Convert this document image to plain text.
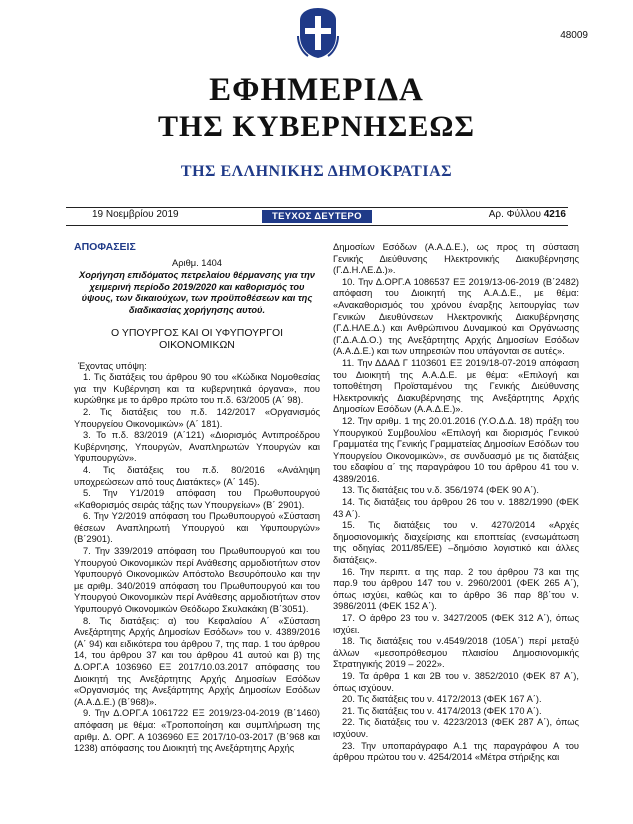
48009
ΕΦΗΜΕΡΙΔΑ
ΤΗΣ ΚΥΒΕΡΝΗΣΕΩΣ
ΤΗΣ ΕΛΛΗΝΙΚΗΣ ΔΗΜΟΚΡΑΤΙΑΣ
19 Νοεμβρίου 2019	ΤΕΥΧΟΣ ΔΕΥΤΕΡΟ	Αρ. Φύλλου 4216

ΑΠΟΦΑΣΕΙΣ

Αριθμ. 1404

Χορήγηση επιδόματος πετρελαίου θέρμανσης για την χειμερινή περίοδο 2019/2020 και καθορισμός του ύψους, των δικαιούχων, των προϋποθέσεων και της διαδικασίας χορήγησης αυτού.

Ο ΥΠΟΥΡΓΟΣ ΚΑΙ ΟΙ ΥΦΥΠΟΥΡΓΟΙ ΟΙΚΟΝΟΜΙΚΩΝ

Έχοντας υπόψη:

1. Τις διατάξεις του άρθρου 90 του «Κώδικα Νομοθεσίας για την Κυβέρνηση και τα κυβερνητικά όργανα», που κυρώθηκε με το άρθρο πρώτο του π.δ. 63/2005 (Α΄ 98).

2. Τις διατάξεις του π.δ. 142/2017 «Οργανισμός Υπουργείου Οικονομικών» (Α΄ 181).

3. Το π.δ. 83/2019 (Α΄121) «Διορισμός Αντιπροέδρου Κυβέρνησης, Υπουργών, Αναπληρωτών Υπουργών και Υφυπουργών».

4. Τις διατάξεις του π.δ. 80/2016 «Ανάληψη υποχρεώσεων από τους Διατάκτες» (Α΄ 145).

5. Την Υ1/2019 απόφαση του Πρωθυπουργού «Καθορισμός σειράς τάξης των Υπουργείων» (Β΄ 2901).

6. Την Υ2/2019 απόφαση του Πρωθυπουργού «Σύσταση θέσεων Αναπληρωτή Υπουργού και Υφυπουργών» (Β΄2901).

7. Την 339/2019 απόφαση του Πρωθυπουργού και του Υπουργού Οικονομικών περί Ανάθεσης αρμοδιοτήτων στον Υφυπουργό Οικονομικών Απόστολο Βεσυρόπουλο και την με αριθμ. 340/2019 απόφαση του Πρωθυπουργού και του Υπουργού Οικονομικών περί Ανάθεσης αρμοδιοτήτων στον Υφυπουργό Οικονομικών Θεόδωρο Σκυλακάκη (Β΄3051).

8. Τις διατάξεις: α) του Κεφαλαίου Α΄ «Σύσταση Ανεξάρτητης Αρχής Δημοσίων Εσόδων» του ν. 4389/2016 (Α΄ 94) και ειδικότερα του άρθρου 7, της παρ. 1 του άρθρου 14, του άρθρου 37 και του άρθρου 41 αυτού και β) της Δ.ΟΡΓ.Α 1036960 ΕΞ 2017/10.03.2017 απόφασης του Διοικητή της Ανεξάρτητης Αρχής Δημοσίων Εσόδων «Οργανισμός της Ανεξάρτητης Αρχής Δημοσίων Εσόδων (Α.Α.Δ.Ε.) (Β΄968)».

9. Την Δ.ΟΡΓ.Α 1061722 ΕΞ 2019/23-04-2019 (Β΄1460) απόφαση με θέμα: «Τροποποίηση και συμπλήρωση της αριθμ. Δ. ΟΡΓ. Α 1036960 ΕΞ 2017/10-03-2017 (Β΄968 και 1238) απόφασης του Διοικητή της Ανεξάρτητης Αρχής

Δημοσίων Εσόδων (Α.Α.Δ.Ε.), ως προς τη σύσταση Γενικής Διεύθυνσης Ηλεκτρονικής Διακυβέρνησης (Γ.Δ.Η.ΛΕ.Δ.)».

10. Την Δ.ΟΡΓ.Α 1086537 ΕΞ 2019/13-06-2019 (Β΄2482) απόφαση του Διοικητή της Α.Α.Δ.Ε., με θέμα: «Ανακαθορισμός του χρόνου έναρξης λειτουργίας των Γενικών Διευθύνσεων Ηλεκτρονικής Διακυβέρνησης (Γ.Δ.ΗΛΕ.Δ.) και Ανθρώπινου Δυναμικού και Οργάνωσης (Γ.Δ.Α.Δ.Ο.) της Ανεξάρτητης Αρχής Δημοσίων Εσόδων (Α.Α.Δ.Ε.) και των υπηρεσιών που υπάγονται σε αυτές».

11. Την ΔΔΑΔ Γ 1103601 ΕΞ 2019/18-07-2019 απόφαση του Διοικητή της Α.Α.Δ.Ε. με θέμα: «Επιλογή και τοποθέτηση Προϊσταμένου της Γενικής Διεύθυνσης Ηλεκτρονικής Διακυβέρνησης της Ανεξάρτητης Αρχής Δημοσίων Εσόδων (Α.Α.Δ.Ε.)».

12. Την αριθμ. 1 της 20.01.2016 (Υ.Ο.Δ.Δ. 18) πράξη του Υπουργικού Συμβουλίου «Επιλογή και διορισμός Γενικού Γραμματέα της Γενικής Γραμματείας Δημοσίων Εσόδων του Υπουργείου Οικονομικών», σε συνδυασμό με τις διατάξεις του εδαφίου α΄ της παραγράφου 10 του άρθρου 41 του ν. 4389/2016.

13. Τις διατάξεις του ν.δ. 356/1974 (ΦΕΚ 90 Α΄).

14. Τις διατάξεις του άρθρου 26 του ν. 1882/1990 (ΦΕΚ 43 Α΄).

15. Τις διατάξεις του ν. 4270/2014 «Αρχές δημοσιονομικής διαχείρισης και εποπτείας (ενσωμάτωση της οδηγίας 2011/85/ΕΕ) –δημόσιο λογιστικό και άλλες διατάξεις».

16. Την περιπτ. α της παρ. 2 του άρθρου 73 και της παρ.9 του άρθρου 147 του ν. 2960/2001 (ΦΕΚ 265 Α΄), όπως ισχύει, καθώς και το άρθρο 36 παρ 8β΄του ν. 3986/2011 (ΦΕΚ 152 Α΄).

17. Ο άρθρο 23 του ν. 3427/2005 (ΦΕΚ 312 Α΄), όπως ισχύει.

18. Τις διατάξεις του ν.4549/2018 (105Α΄) περί μεταξύ άλλων «μεσοπρόθεσμου πλαισίου Δημοσιονομικής Στρατηγικής 2019 – 2022».

19. Τα άρθρα 1 και 2Β του ν. 3852/2010 (ΦΕΚ 87 Α΄), όπως ισχύουν.

20. Τις διατάξεις του ν. 4172/2013 (ΦΕΚ 167 Α΄).

21. Τις διατάξεις του ν. 4174/2013 (ΦΕΚ 170 Α΄).

22. Τις διατάξεις του ν. 4223/2013 (ΦΕΚ 287 Α΄), όπως ισχύουν.

23. Την υποπαράγραφο Α.1 της παραγράφου Α του άρθρου πρώτου του ν. 4254/2014 «Μέτρα στήριξης και
